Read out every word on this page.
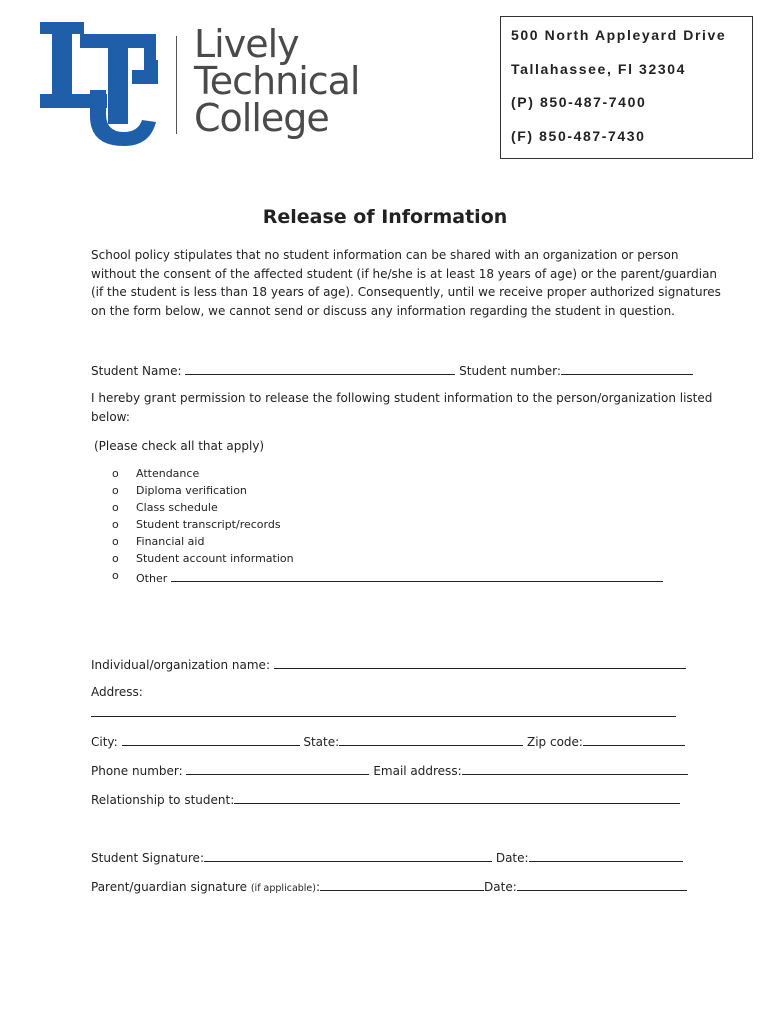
Lively
Technical
College
500 North Appleyard Drive
Tallahassee, Fl 32304
(P) 850-487-7400
(F) 850-487-7430
Release of Information
School policy stipulates that no student information can be shared with an organization or person
without the consent of the affected student (if he/she is at least 18 years of age) or the parent/guardian
(if the student is less than 18 years of age). Consequently, until we receive proper authorized signatures
on the form below, we cannot send or discuss any information regarding the student in question.
Student Name:	Student number:
I hereby grant permission to release the following student information to the person/organization listed
below:
(Please check all that apply)
o Attendance
o Diploma verification
o Class schedule
o Student transcript/records
o Financial aid
o Student account information
o Other
Individual/organization name:
Address:
City:	State:	Zip code:
Phone number:	Email address:
Relationship to student:
Student Signature:	Date:
Parent/guardian signature (if applicable):	Date:
